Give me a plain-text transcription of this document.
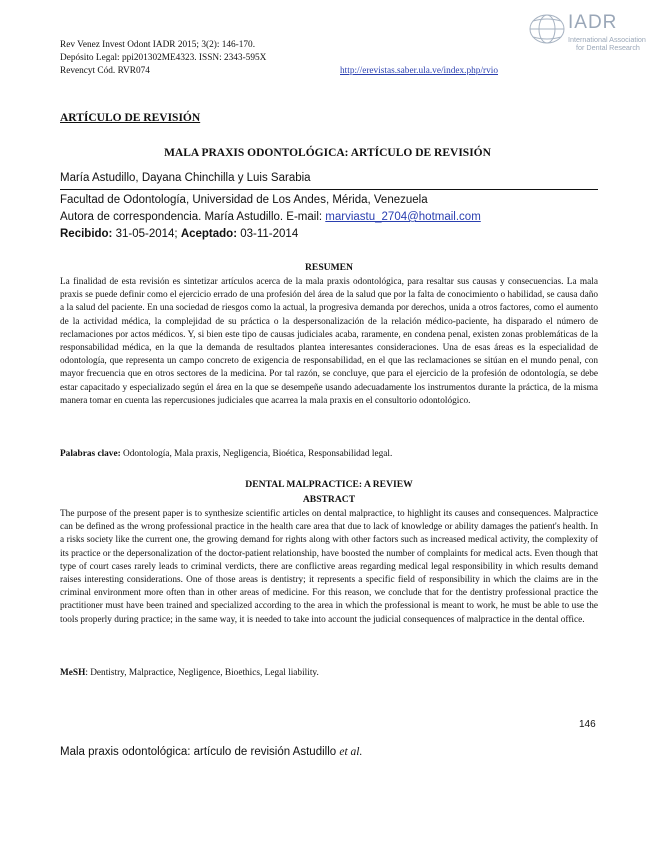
Rev Venez Invest Odont IADR 2015; 3(2): 146-170.
Depósito Legal: ppi201302ME4323. ISSN: 2343-595X
Revencyt Cód. RVR074	http://erevistas.saber.ula.ve/index.php/rvio
IADR
International Association
for Dental Research
ARTÍCULO DE REVISIÓN
MALA PRAXIS ODONTOLÓGICA: ARTÍCULO DE REVISIÓN
María Astudillo, Dayana Chinchilla y Luis Sarabia
Facultad de Odontología, Universidad de Los Andes, Mérida, Venezuela
Autora de correspondencia. María Astudillo. E-mail: marviastu_2704@hotmail.com
Recibido: 31-05-2014; Aceptado: 03-11-2014
RESUMEN
La finalidad de esta revisión es sintetizar artículos acerca de la mala praxis odontológica, para resaltar sus causas y consecuencias. La mala praxis se puede definir como el ejercicio errado de una profesión del área de la salud que por la falta de conocimiento o habilidad, se causa daño a la salud del paciente. En una sociedad de riesgos como la actual, la progresiva demanda por derechos, unida a otros factores, como el aumento de la actividad médica, la complejidad de su práctica o la despersonalización de la relación médico-paciente, ha disparado el número de reclamaciones por actos médicos. Y, si bien este tipo de causas judiciales acaba, raramente, en condena penal, existen zonas problemáticas de la responsabilidad médica, en la que la demanda de resultados plantea interesantes consideraciones. Una de esas áreas es la especialidad de odontología, que representa un campo concreto de exigencia de responsabilidad, en el que las reclamaciones se sitúan en el mundo penal, con mayor frecuencia que en otros sectores de la medicina. Por tal razón, se concluye, que para el ejercicio de la profesión de odontología, se debe estar capacitado y especializado según el área en la que se desempeñe usando adecuadamente los instrumentos durante la práctica, de la misma manera tomar en cuenta las repercusiones judiciales que acarrea la mala praxis en el consultorio odontológico.
Palabras clave: Odontología, Mala praxis, Negligencia, Bioética, Responsabilidad legal.
DENTAL MALPRACTICE: A REVIEW
ABSTRACT
The purpose of the present paper is to synthesize scientific articles on dental malpractice, to highlight its causes and consequences. Malpractice can be defined as the wrong professional practice in the health care area that due to lack of knowledge or ability damages the patient's health. In a risks society like the current one, the growing demand for rights along with other factors such as increased medical activity, the complexity of its practice or the depersonalization of the doctor-patient relationship, have boosted the number of complaints for medical acts. Even though that type of court cases rarely leads to criminal verdicts, there are conflictive areas regarding medical legal responsibility in which results demand raises interesting considerations. One of those areas is dentistry; it represents a specific field of responsibility in which the claims are in the criminal environment more often than in other areas of medicine. For this reason, we conclude that for the dentistry professional practice the practitioner must have been trained and specialized according to the area in which the professional is meant to work, he must be able to use the tools properly during practice; in the same way, it is needed to take into account the judicial consequences of malpractice in the dental office.
MeSH: Dentistry, Malpractice, Negligence, Bioethics, Legal liability.
146
Mala praxis odontológica: artículo de revisión Astudillo et al.
